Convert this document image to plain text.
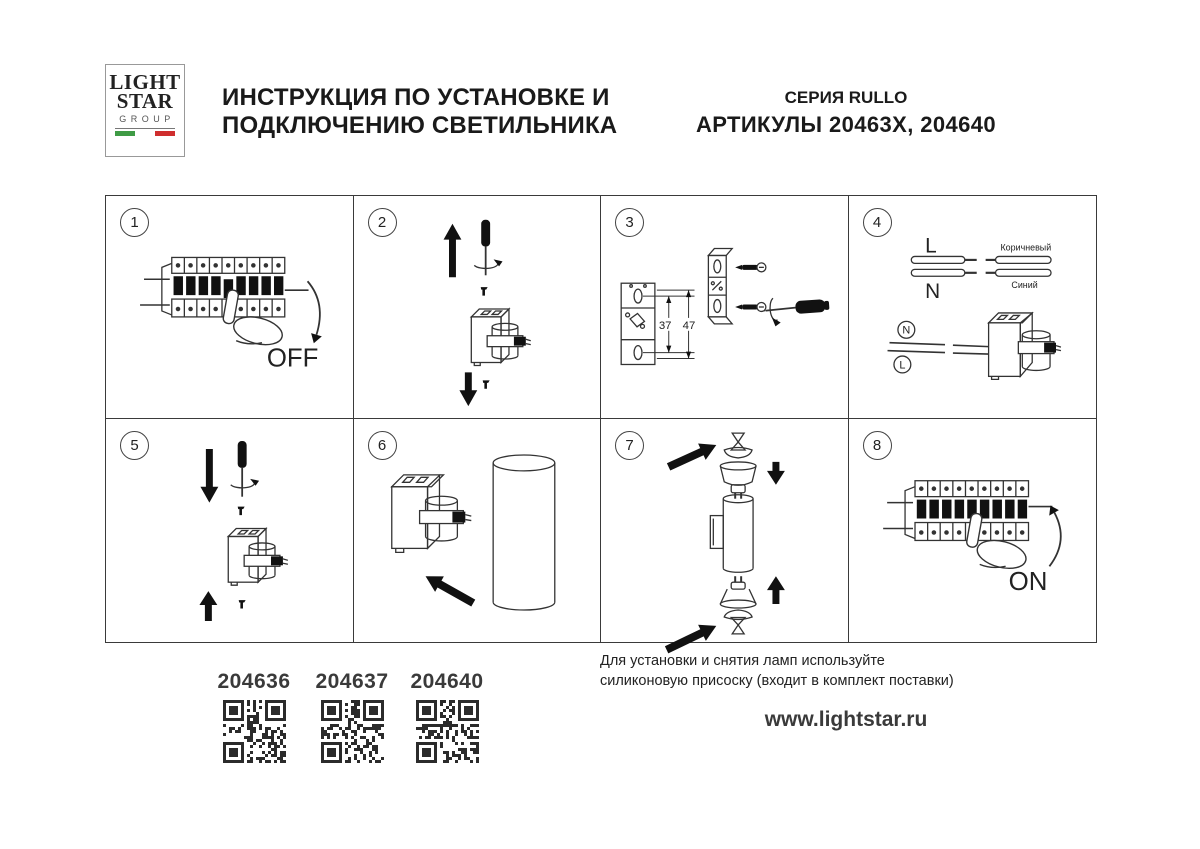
LIGHT
STAR
GROUP
ИНСТРУКЦИЯ ПО УСТАНОВКЕ И
ПОДКЛЮЧЕНИЮ СВЕТИЛЬНИКА
СЕРИЯ RULLO
АРТИКУЛЫ 20463Х, 204640
1
OFF
2	3
37 47
4
L	Коричневый
N	Синий
N
L
5	6	7	8
ON
204636	204637	204640
Для установки и снятия ламп используйте
силиконовую присоску (входит в комплект поставки)
www.lightstar.ru
